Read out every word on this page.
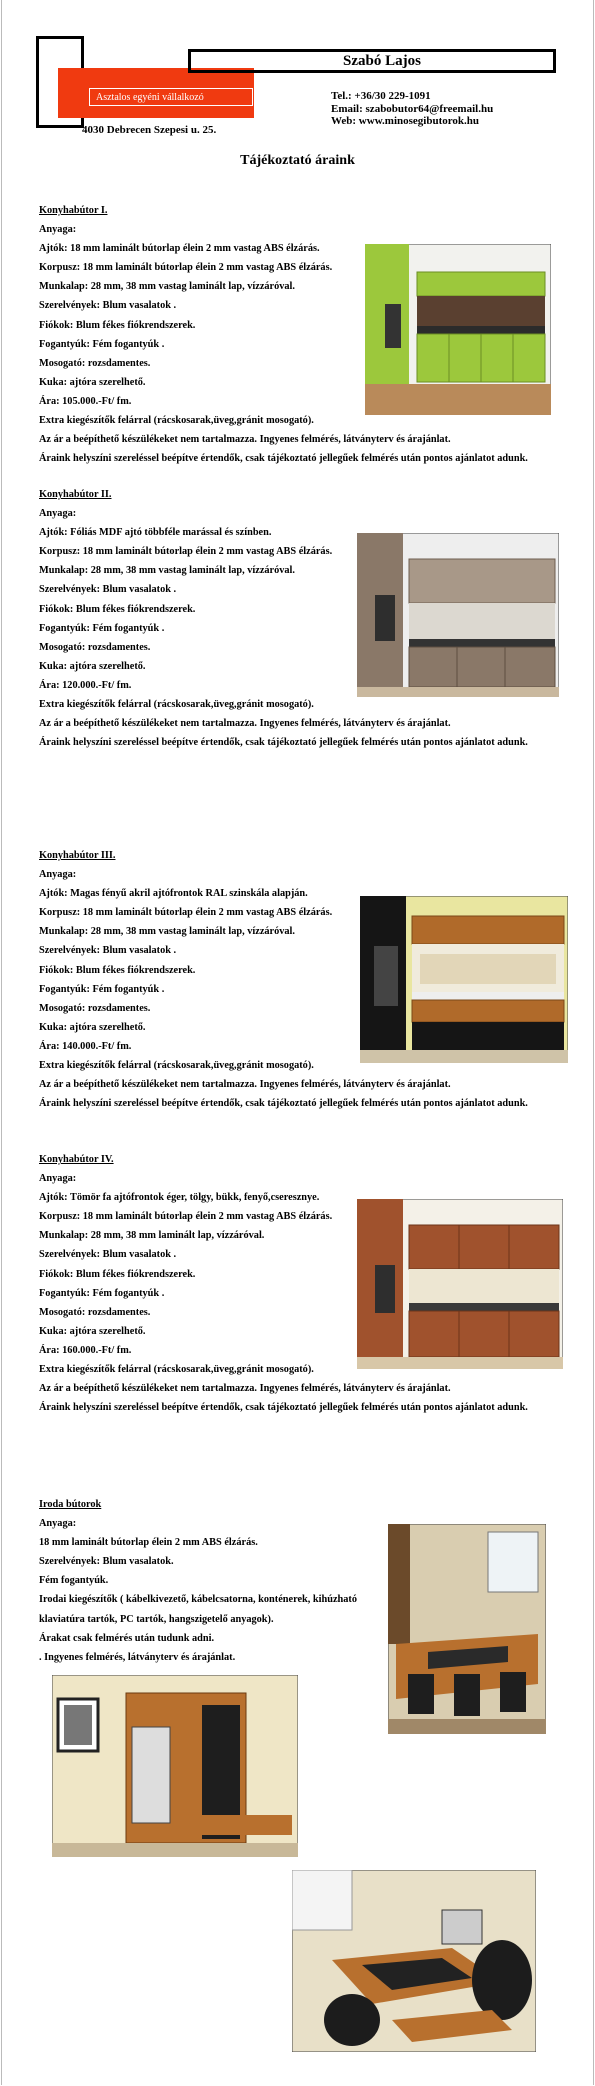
Asztalos egyéni vállalkozó
Szabó Lajos
Tel.: +36/30 229-1091
Email: szabobutor64@freemail.hu
Web: www.minosegibutorok.hu
4030 Debrecen Szepesi u. 25.
Tájékoztató áraink
Konyhabútor I.
Anyaga:
Ajtók: 18 mm laminált bútorlap élein 2 mm vastag ABS élzárás.
Korpusz: 18 mm laminált bútorlap élein 2 mm vastag ABS élzárás.
Munkalap: 28 mm, 38 mm vastag laminált lap, vízzáróval.
Szerelvények: Blum vasalatok .
Fiókok: Blum fékes fiókrendszerek.
Fogantyúk: Fém fogantyúk .
Mosogató: rozsdamentes.
Kuka: ajtóra szerelhető.
Ára: 105.000.-Ft/ fm.
Extra kiegészítők felárral (rácskosarak,üveg,gránit mosogató).
Az ár a beépíthető készülékeket nem tartalmazza. Ingyenes felmérés, látványterv és árajánlat.
Áraink helyszíni szereléssel beépítve értendők, csak tájékoztató jellegűek felmérés után pontos ajánlatot adunk.
Konyhabútor II.
Anyaga:
Ajtók: Fóliás MDF ajtó többféle marással és színben.
Korpusz: 18 mm laminált bútorlap élein 2 mm vastag ABS élzárás.
Munkalap: 28 mm, 38 mm vastag laminált lap, vízzáróval.
Szerelvények: Blum vasalatok .
Fiókok: Blum fékes fiókrendszerek.
Fogantyúk: Fém fogantyúk .
Mosogató: rozsdamentes.
Kuka: ajtóra szerelhető.
Ára: 120.000.-Ft/ fm.
Extra kiegészítők felárral (rácskosarak,üveg,gránit mosogató).
Az ár a beépíthető készülékeket nem tartalmazza. Ingyenes felmérés, látványterv és árajánlat.
Áraink helyszíni szereléssel beépítve értendők, csak tájékoztató jellegűek felmérés után pontos ajánlatot adunk.
Konyhabútor III.
Anyaga:
Ajtók: Magas fényű akril ajtófrontok RAL szinskála alapján.
Korpusz: 18 mm laminált bútorlap élein 2 mm vastag ABS élzárás.
Munkalap: 28 mm, 38 mm vastag laminált lap, vízzáróval.
Szerelvények: Blum vasalatok .
Fiókok: Blum fékes fiókrendszerek.
Fogantyúk: Fém fogantyúk .
Mosogató: rozsdamentes.
Kuka: ajtóra szerelhető.
Ára: 140.000.-Ft/ fm.
Extra kiegészítők felárral (rácskosarak,üveg,gránit mosogató).
Az ár a beépíthető készülékeket nem tartalmazza. Ingyenes felmérés, látványterv és árajánlat.
Áraink helyszíni szereléssel beépítve értendők, csak tájékoztató jellegűek felmérés után pontos ajánlatot adunk.
Konyhabútor IV.
Anyaga:
Ajtók: Tömör fa ajtófrontok éger, tölgy, bükk, fenyő,cseresznye.
Korpusz: 18 mm laminált bútorlap élein 2 mm vastag ABS élzárás.
Munkalap: 28 mm, 38 mm laminált lap, vízzáróval.
Szerelvények: Blum vasalatok .
Fiókok: Blum fékes fiókrendszerek.
Fogantyúk: Fém fogantyúk .
Mosogató: rozsdamentes.
Kuka: ajtóra szerelhető.
Ára: 160.000.-Ft/ fm.
Extra kiegészítők felárral (rácskosarak,üveg,gránit mosogató).
Az ár a beépíthető készülékeket nem tartalmazza. Ingyenes felmérés, látványterv és árajánlat.
Áraink helyszíni szereléssel beépítve értendők, csak tájékoztató jellegűek felmérés után pontos ajánlatot adunk.
Iroda bútorok
Anyaga:
18 mm laminált bútorlap élein 2 mm ABS élzárás.
Szerelvények: Blum vasalatok.
Fém fogantyúk.
Irodai kiegészítők ( kábelkivezető, kábelcsatorna, konténerek, kihúzható klaviatúra tartók, PC tartók, hangszigetelő anyagok).
Árakat csak felmérés után tudunk adni.
. Ingyenes felmérés, látványterv és árajánlat.
